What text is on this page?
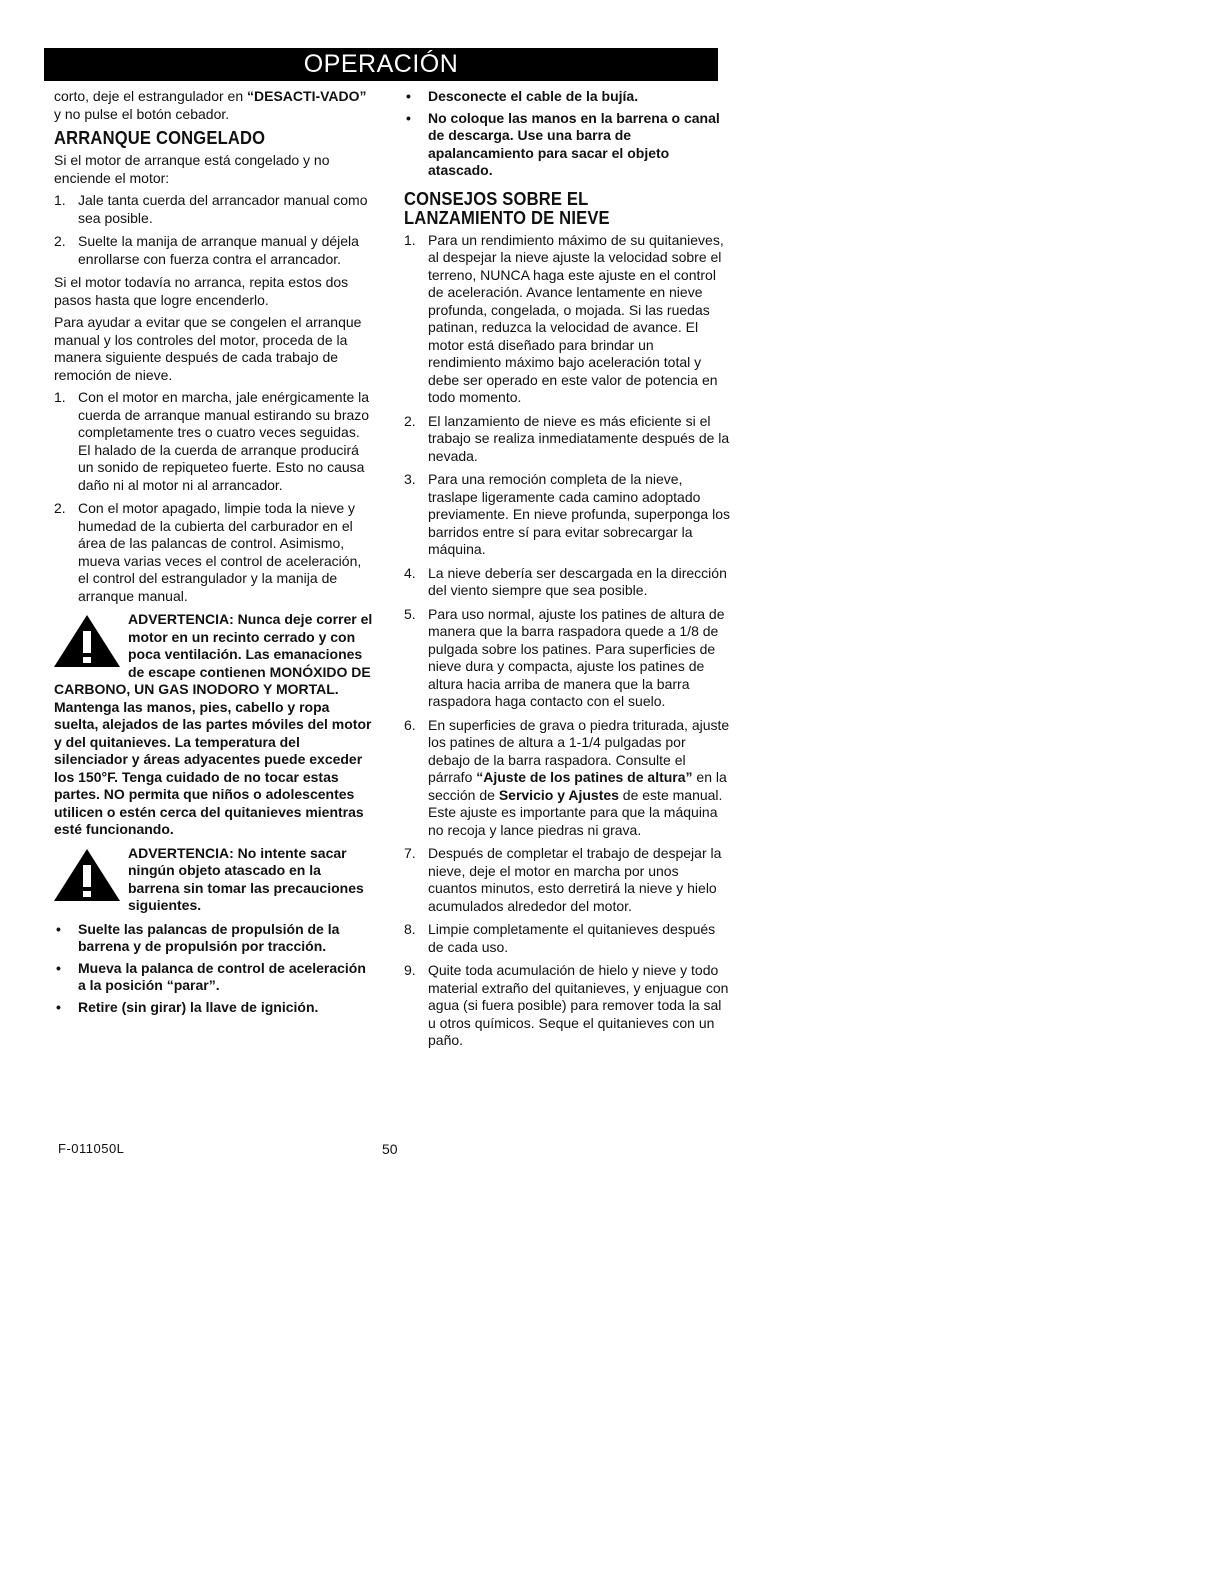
OPERACIÓN

corto, deje el estrangulador en “DESACTI-VADO” y no pulse el botón cebador.

ARRANQUE CONGELADO

Si el motor de arranque está congelado y no enciende el motor:

1. Jale tanta cuerda del arrancador manual como sea posible.
2. Suelte la manija de arranque manual y déjela enrollarse con fuerza contra el arrancador.

Si el motor todavía no arranca, repita estos dos pasos hasta que logre encenderlo.

Para ayudar a evitar que se congelen el arranque manual y los controles del motor, proceda de la manera siguiente después de cada trabajo de remoción de nieve.

1. Con el motor en marcha, jale enérgicamente la cuerda de arranque manual estirando su brazo completamente tres o cuatro veces seguidas. El halado de la cuerda de arranque producirá un sonido de repiqueteo fuerte. Esto no causa daño ni al motor ni al arrancador.
2. Con el motor apagado, limpie toda la nieve y humedad de la cubierta del carburador en el área de las palancas de control. Asimismo, mueva varias veces el control de aceleración, el control del estrangulador y la manija de arranque manual.
ADVERTENCIA: Nunca deje correr el motor en un recinto cerrado y con poca ventilación. Las emanaciones de escape contienen MONÓXIDO DE CARBONO, UN GAS INODORO Y MORTAL. Mantenga las manos, pies, cabello y ropa suelta, alejados de las partes móviles del motor y del quitanieves. La temperatura del silenciador y áreas adyacentes puede exceder los 150°F. Tenga cuidado de no tocar estas partes. NO permita que niños o adolescentes utilicen o estén cerca del quitanieves mientras esté funcionando.
ADVERTENCIA: No intente sacar ningún objeto atascado en la barrena sin tomar las precauciones siguientes.
• Suelte las palancas de propulsión de la barrena y de propulsión por tracción.
• Mueva la palanca de control de aceleración a la posición “parar”.
• Retire (sin girar) la llave de ignición.
• Desconecte el cable de la bujía.
• No coloque las manos en la barrena o canal de descarga. Use una barra de apalancamiento para sacar el objeto atascado.
CONSEJOS SOBRE EL
LANZAMIENTO DE NIEVE
1. Para un rendimiento máximo de su quitanieves, al despejar la nieve ajuste la velocidad sobre el terreno, NUNCA haga este ajuste en el control de aceleración. Avance lentamente en nieve profunda, congelada, o mojada. Si las ruedas patinan, reduzca la velocidad de avance. El motor está diseñado para brindar un rendimiento máximo bajo aceleración total y debe ser operado en este valor de potencia en todo momento.
2. El lanzamiento de nieve es más eficiente si el trabajo se realiza inmediatamente después de la nevada.
3. Para una remoción completa de la nieve, traslape ligeramente cada camino adoptado previamente. En nieve profunda, superponga los barridos entre sí para evitar sobrecargar la máquina.
4. La nieve debería ser descargada en la dirección del viento siempre que sea posible.
5. Para uso normal, ajuste los patines de altura de manera que la barra raspadora quede a 1/8 de pulgada sobre los patines. Para superficies de nieve dura y compacta, ajuste los patines de altura hacia arriba de manera que la barra raspadora haga contacto con el suelo.
6. En superficies de grava o piedra triturada, ajuste los patines de altura a 1-1/4 pulgadas por debajo de la barra raspadora. Consulte el párrafo “Ajuste de los patines de altura” en la sección de Servicio y Ajustes de este manual. Este ajuste es importante para que la máquina no recoja y lance piedras ni grava.
7. Después de completar el trabajo de despejar la nieve, deje el motor en marcha por unos cuantos minutos, esto derretirá la nieve y hielo acumulados alrededor del motor.
8. Limpie completamente el quitanieves después de cada uso.
9. Quite toda acumulación de hielo y nieve y todo material extraño del quitanieves, y enjuague con agua (si fuera posible) para remover toda la sal u otros químicos. Seque el quitanieves con un paño.
F-011050L	50
